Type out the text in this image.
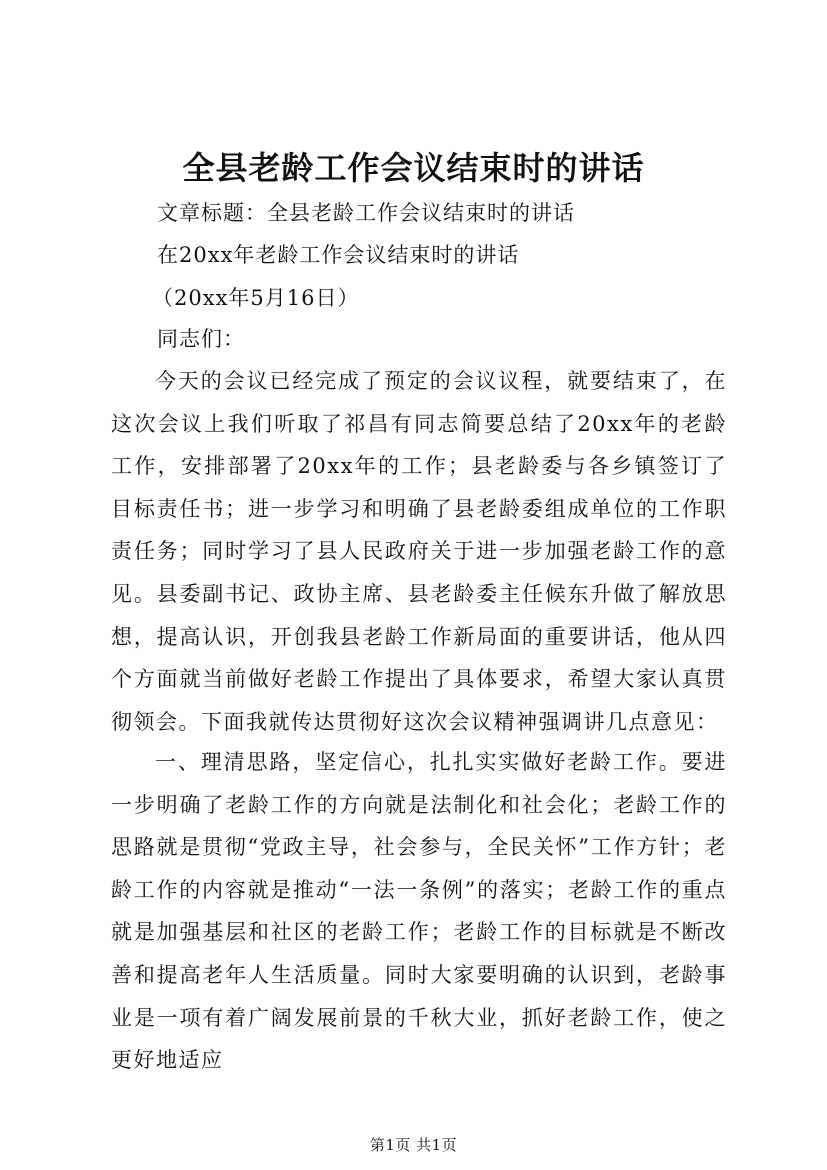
全县老龄工作会议结束时的讲话
文章标题：全县老龄工作会议结束时的讲话
在20xx年老龄工作会议结束时的讲话
（20xx年5月16日）
同志们：

今天的会议已经完成了预定的会议议程，就要结束了，在这次会议上我们听取了祁昌有同志简要总结了20xx年的老龄工作，安排部署了20xx年的工作；县老龄委与各乡镇签订了目标责任书；进一步学习和明确了县老龄委组成单位的工作职责任务；同时学习了县人民政府关于进一步加强老龄工作的意见。县委副书记、政协主席、县老龄委主任候东升做了解放思想，提高认识，开创我县老龄工作新局面的重要讲话，他从四个方面就当前做好老龄工作提出了具体要求，希望大家认真贯彻领会。下面我就传达贯彻好这次会议精神强调讲几点意见：

一、理清思路，坚定信心，扎扎实实做好老龄工作。要进一步明确了老龄工作的方向就是法制化和社会化；老龄工作的思路就是贯彻“党政主导，社会参与，全民关怀”工作方针；老龄工作的内容就是推动“一法一条例”的落实；老龄工作的重点就是加强基层和社区的老龄工作；老龄工作的目标就是不断改善和提高老年人生活质量。同时大家要明确的认识到，老龄事业是一项有着广阔发展前景的千秋大业，抓好老龄工作，使之更好地适应

第1页 共1页
